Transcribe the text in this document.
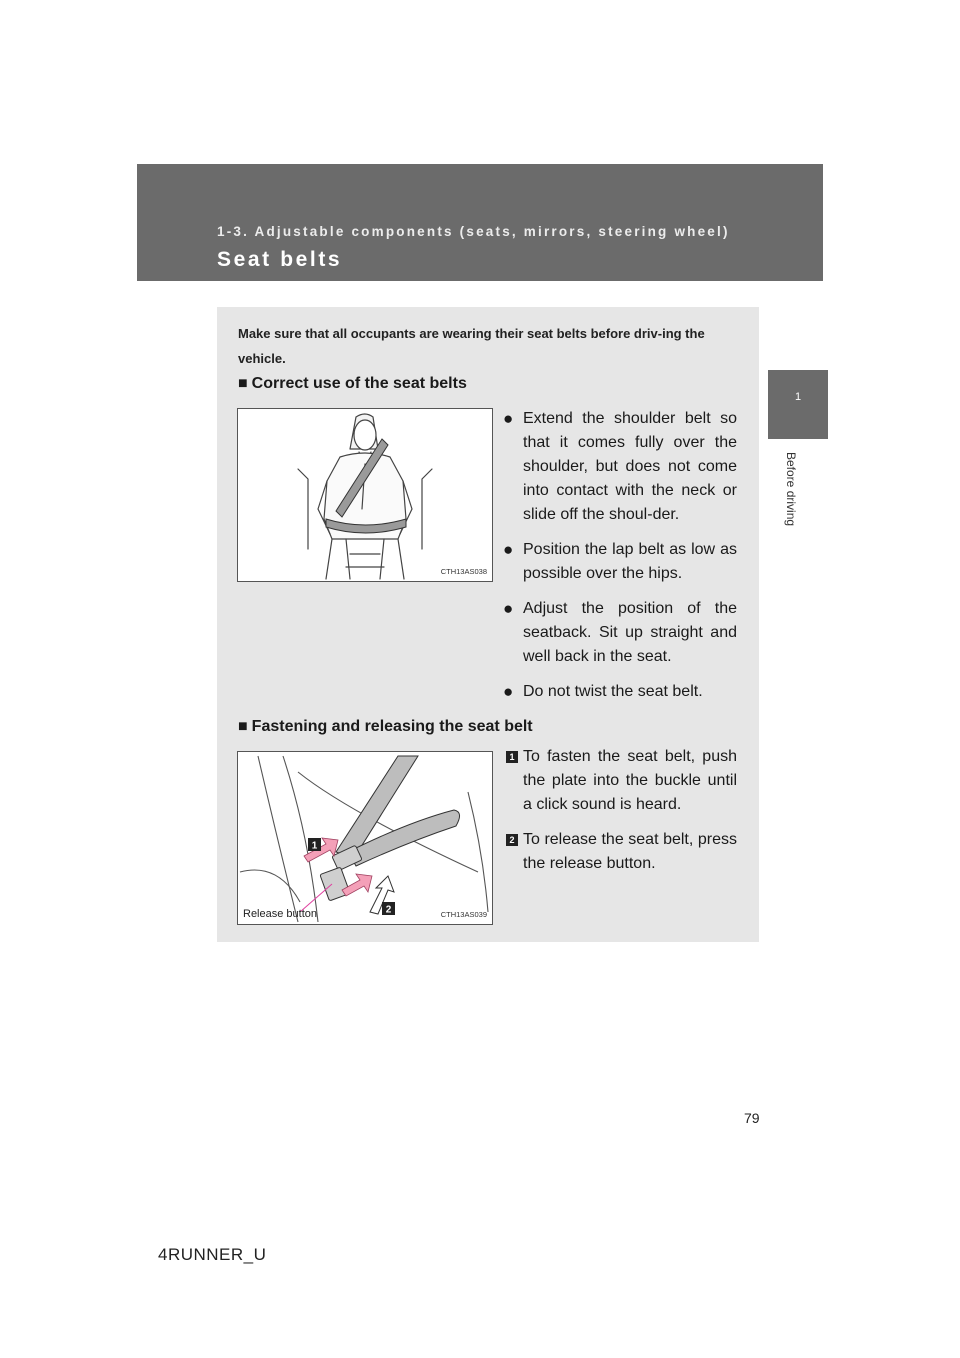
1-3. Adjustable components (seats, mirrors, steering wheel)
Seat belts
1
Before driving
Make sure that all occupants are wearing their seat belts before driv-ing the vehicle.
■ Correct use of the seat belts
CTH13AS038
● Extend the shoulder belt so that it comes fully over the shoulder, but does not come into contact with the neck or slide off the shoul-der.
● Position the lap belt as low as possible over the hips.
● Adjust the position of the seatback. Sit up straight and well back in the seat.
● Do not twist the seat belt.
■ Fastening and releasing the seat belt
1
2
Release button	CTH13AS039
1 To fasten the seat belt, push the plate into the buckle until a click sound is heard.
2 To release the seat belt, press the release button.
79
4RUNNER_U
